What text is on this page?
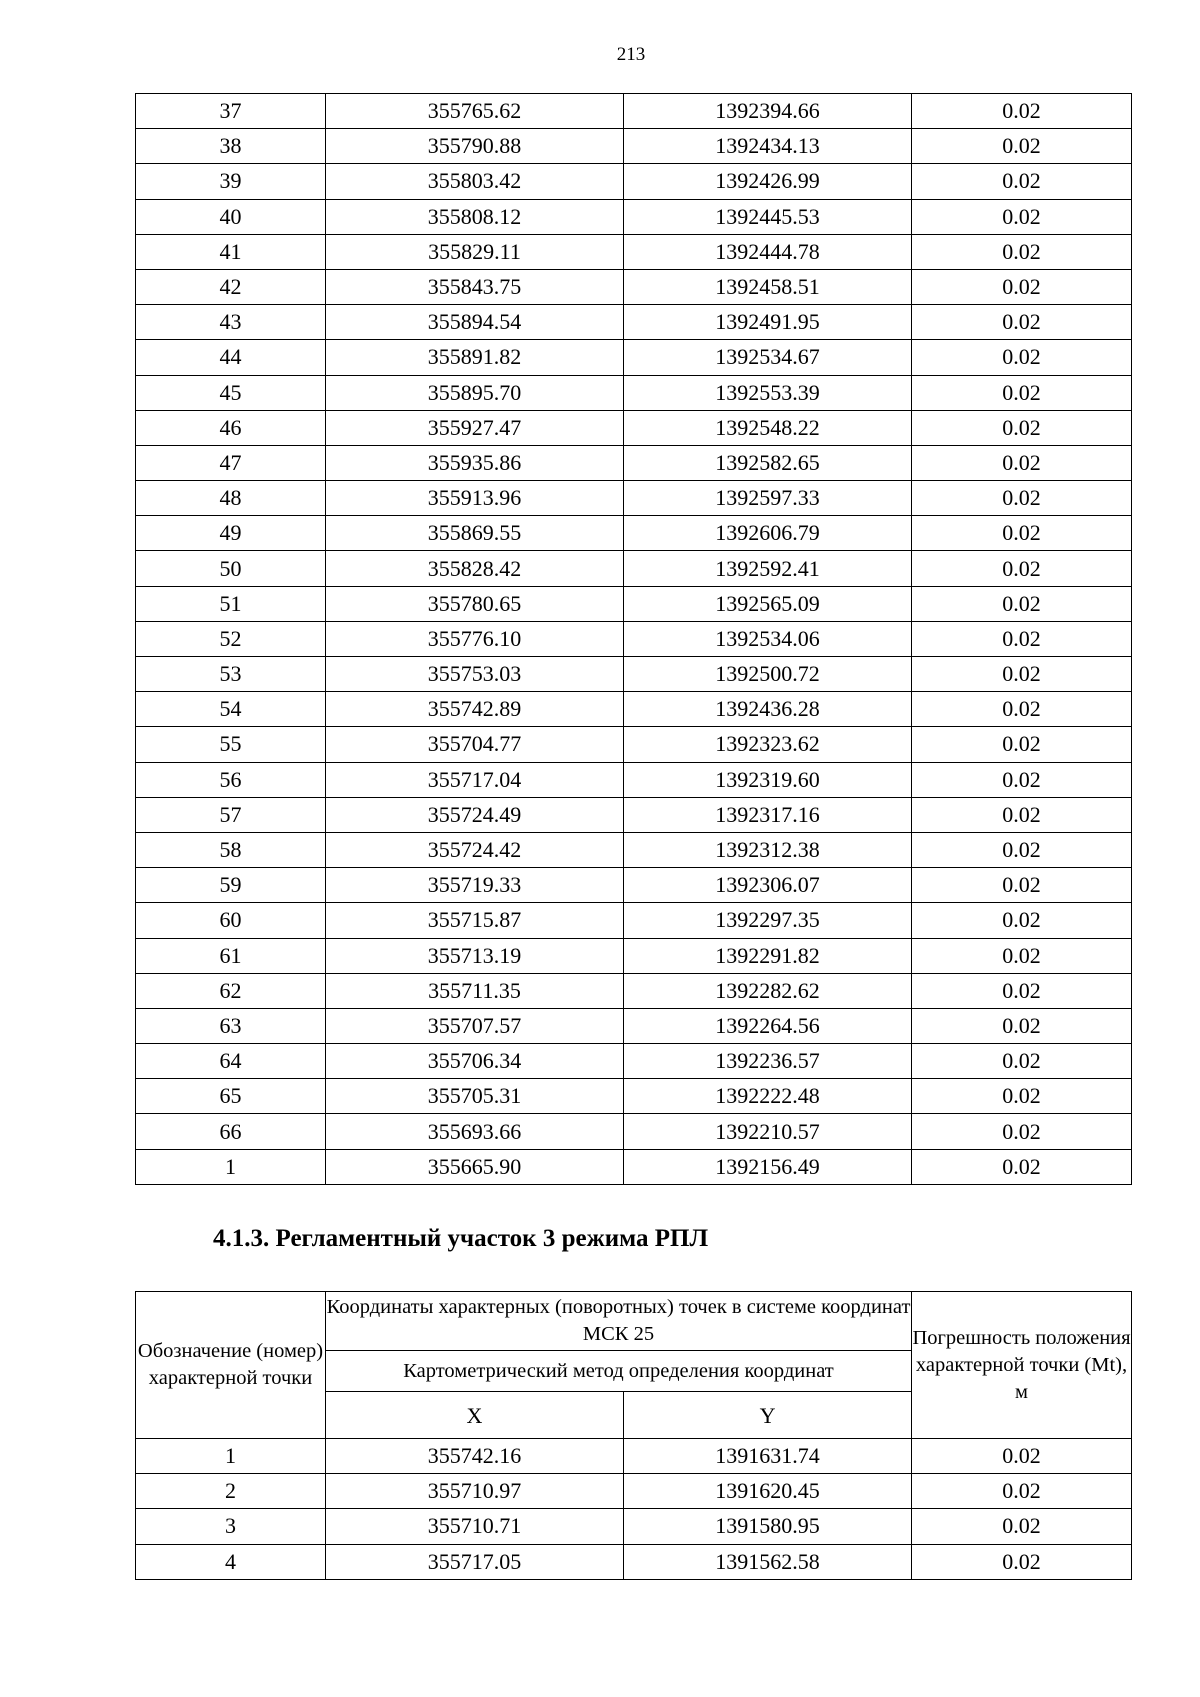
213
37	355765.62	1392394.66	0.02
38	355790.88	1392434.13	0.02
39	355803.42	1392426.99	0.02
40	355808.12	1392445.53	0.02
41	355829.11	1392444.78	0.02
42	355843.75	1392458.51	0.02
43	355894.54	1392491.95	0.02
44	355891.82	1392534.67	0.02
45	355895.70	1392553.39	0.02
46	355927.47	1392548.22	0.02
47	355935.86	1392582.65	0.02
48	355913.96	1392597.33	0.02
49	355869.55	1392606.79	0.02
50	355828.42	1392592.41	0.02
51	355780.65	1392565.09	0.02
52	355776.10	1392534.06	0.02
53	355753.03	1392500.72	0.02
54	355742.89	1392436.28	0.02
55	355704.77	1392323.62	0.02
56	355717.04	1392319.60	0.02
57	355724.49	1392317.16	0.02
58	355724.42	1392312.38	0.02
59	355719.33	1392306.07	0.02
60	355715.87	1392297.35	0.02
61	355713.19	1392291.82	0.02
62	355711.35	1392282.62	0.02
63	355707.57	1392264.56	0.02
64	355706.34	1392236.57	0.02
65	355705.31	1392222.48	0.02
66	355693.66	1392210.57	0.02
1	355665.90	1392156.49	0.02
4.1.3. Регламентный участок 3 режима РПЛ
Обозначение (номер) характерной точки	Координаты характерных (поворотных) точек в системе координат МСК 25		Погрешность положения характерной точки (Mt), м
	Картометрический метод определения координат		
	X	Y	
1	355742.16	1391631.74	0.02
2	355710.97	1391620.45	0.02
3	355710.71	1391580.95	0.02
4	355717.05	1391562.58	0.02
